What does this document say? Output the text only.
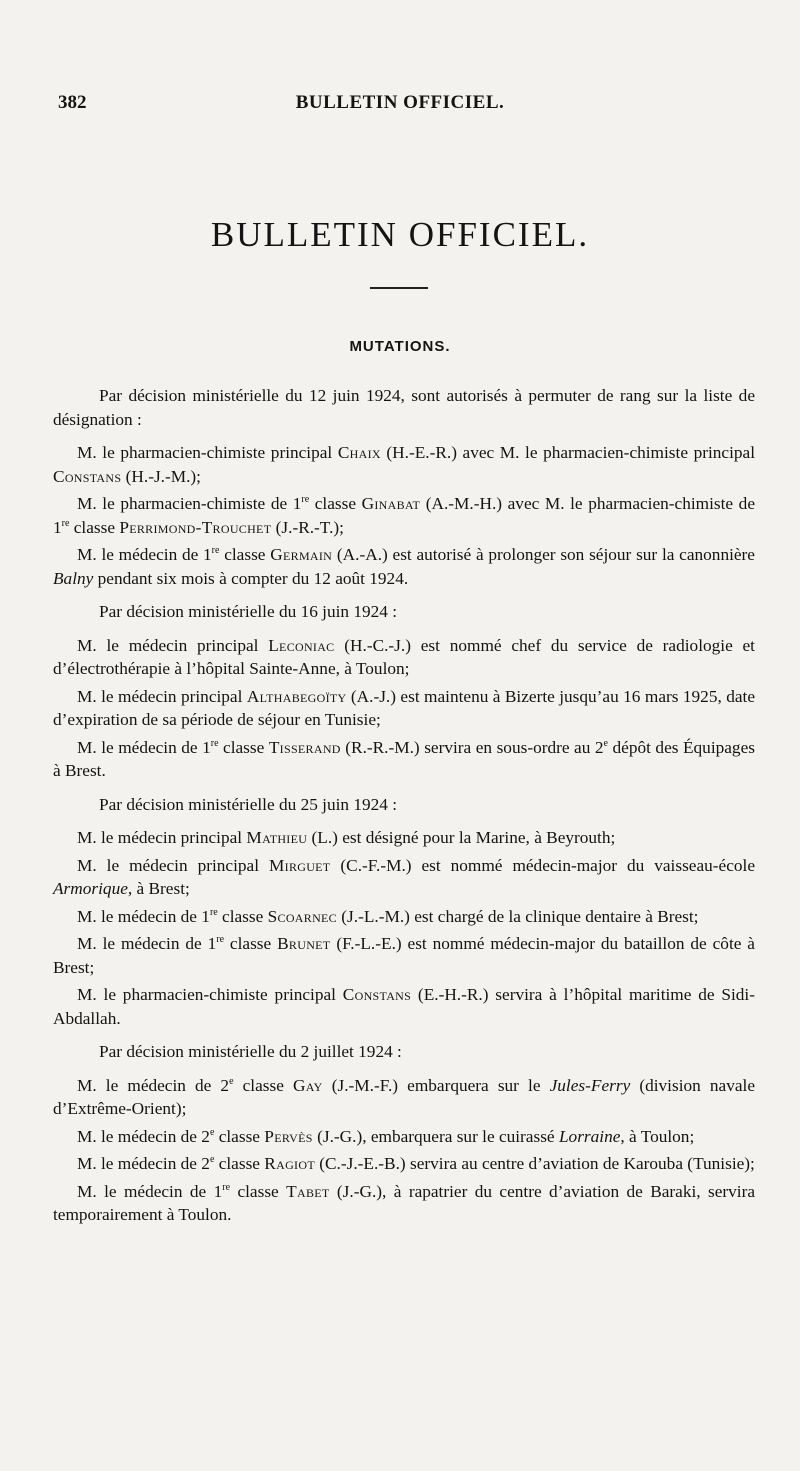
382	BULLETIN OFFICIEL.
BULLETIN OFFICIEL.
MUTATIONS.

Par décision ministérielle du 12 juin 1924, sont autorisés à permuter de rang sur la liste de désignation :

M. le pharmacien-chimiste principal Chaix (H.-E.-R.) avec M. le pharmacien-chimiste principal Constans (H.-J.-M.);

M. le pharmacien-chimiste de 1re classe Ginabat (A.-M.-H.) avec M. le pharmacien-chimiste de 1re classe Perrimond-Trouchet (J.-R.-T.);

M. le médecin de 1re classe Germain (A.-A.) est autorisé à prolonger son séjour sur la canonnière Balny pendant six mois à compter du 12 août 1924.

Par décision ministérielle du 16 juin 1924 :

M. le médecin principal Leconiac (H.-C.-J.) est nommé chef du service de radiologie et d’électrothérapie à l’hôpital Sainte-Anne, à Toulon;

M. le médecin principal Althabegoïty (A.-J.) est maintenu à Bizerte jusqu’au 16 mars 1925, date d’expiration de sa période de séjour en Tunisie;

M. le médecin de 1re classe Tisserand (R.-R.-M.) servira en sous-ordre au 2e dépôt des Équipages à Brest.

Par décision ministérielle du 25 juin 1924 :

M. le médecin principal Mathieu (L.) est désigné pour la Marine, à Beyrouth;

M. le médecin principal Mirguet (C.-F.-M.) est nommé médecin-major du vaisseau-école Armorique, à Brest;

M. le médecin de 1re classe Scoarnec (J.-L.-M.) est chargé de la clinique dentaire à Brest;

M. le médecin de 1re classe Brunet (F.-L.-E.) est nommé médecin-major du bataillon de côte à Brest;

M. le pharmacien-chimiste principal Constans (E.-H.-R.) servira à l’hôpital maritime de Sidi-Abdallah.

Par décision ministérielle du 2 juillet 1924 :

M. le médecin de 2e classe Gay (J.-M.-F.) embarquera sur le Jules-Ferry (division navale d’Extrême-Orient);

M. le médecin de 2e classe Pervès (J.-G.), embarquera sur le cuirassé Lorraine, à Toulon;

M. le médecin de 2e classe Ragiot (C.-J.-E.-B.) servira au centre d’aviation de Karouba (Tunisie);

M. le médecin de 1re classe Tabet (J.-G.), à rapatrier du centre d’aviation de Baraki, servira temporairement à Toulon.
